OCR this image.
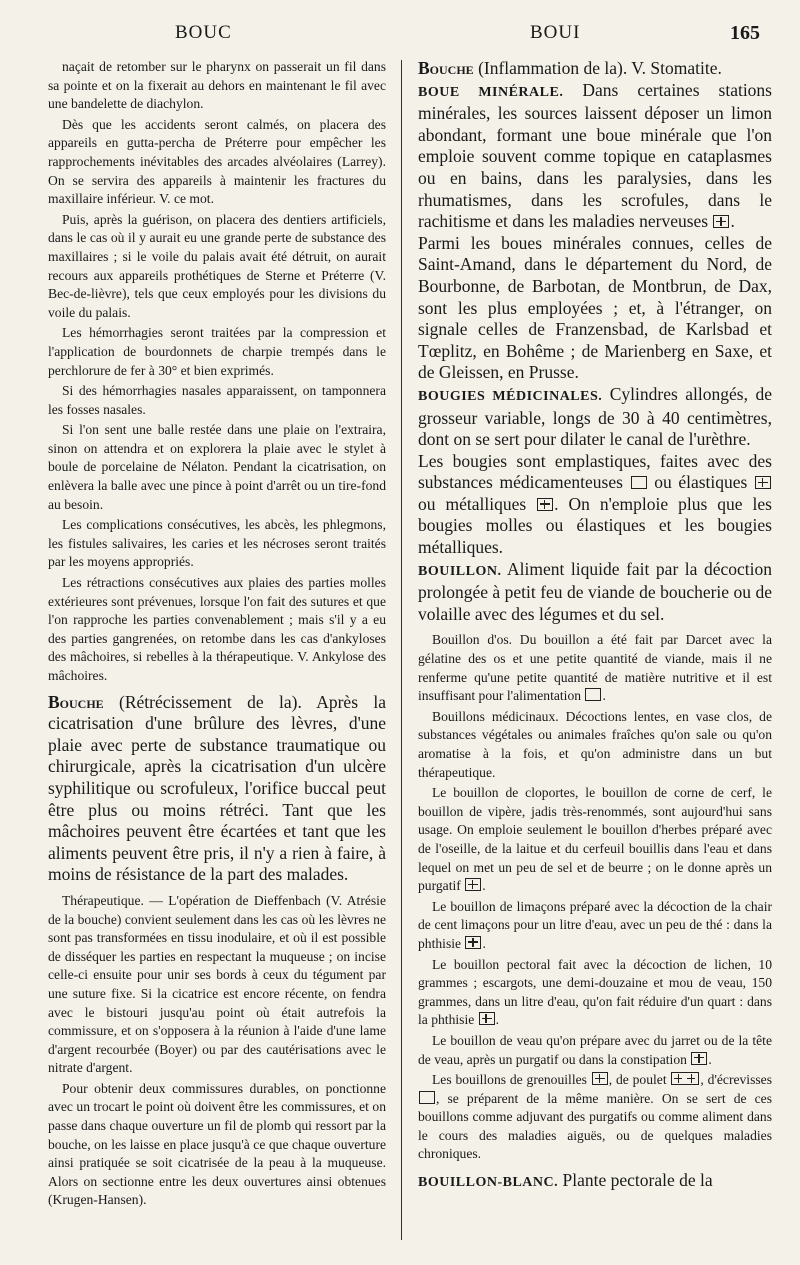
BOUC	BOUI	165

naçait de retomber sur le pharynx on passerait un fil dans sa pointe et on la fixerait au dehors en maintenant le fil avec une bandelette de diachylon.

Dès que les accidents seront calmés, on placera des appareils en gutta-percha de Préterre pour empêcher les rapprochements inévitables des arcades alvéolaires (Larrey). On se servira des appareils à maintenir les fractures du maxillaire inférieur. V. ce mot.

Puis, après la guérison, on placera des dentiers artificiels, dans le cas où il y aurait eu une grande perte de substance des maxillaires ; si le voile du palais avait été détruit, on aurait recours aux appareils prothétiques de Sterne et Préterre (V. Bec-de-lièvre), tels que ceux employés pour les divisions du voile du palais.

Les hémorrhagies seront traitées par la compression et l'application de bourdonnets de charpie trempés dans le perchlorure de fer à 30° et bien exprimés.

Si des hémorrhagies nasales apparaissent, on tamponnera les fosses nasales.

Si l'on sent une balle restée dans une plaie on l'extraira, sinon on attendra et on explorera la plaie avec le stylet à boule de porcelaine de Nélaton. Pendant la cicatrisation, on enlèvera la balle avec une pince à point d'arrêt ou un tire-fond au besoin.

Les complications consécutives, les abcès, les phlegmons, les fistules salivaires, les caries et les nécroses seront traités par les moyens appropriés.

Les rétractions consécutives aux plaies des parties molles extérieures sont prévenues, lorsque l'on fait des sutures et que l'on rapproche les parties convenablement ; mais s'il y a eu des parties gangrenées, on retombe dans les cas d'ankyloses des mâchoires, si rebelles à la thérapeutique. V. Ankylose des mâchoires.

Bouche (Rétrécissement de la). Après la cicatrisation d'une brûlure des lèvres, d'une plaie avec perte de substance traumatique ou chirurgicale, après la cicatrisation d'un ulcère syphilitique ou scrofuleux, l'orifice buccal peut être plus ou moins rétréci. Tant que les mâchoires peuvent être écartées et tant que les aliments peuvent être pris, il n'y a rien à faire, à moins de résistance de la part des malades.

Thérapeutique. — L'opération de Dieffenbach (V. Atrésie de la bouche) convient seulement dans les cas où les lèvres ne sont pas transformées en tissu inodulaire, et où il est possible de disséquer les parties en respectant la muqueuse ; on incise celle-ci ensuite pour unir ses bords à ceux du tégument par une suture fixe. Si la cicatrice est encore récente, on fendra avec le bistouri jusqu'au point où était autrefois la commissure, et on s'opposera à la réunion à l'aide d'une lame d'argent recourbée (Boyer) ou par des cautérisations avec le nitrate d'argent.

Pour obtenir deux commissures durables, on ponctionne avec un trocart le point où doivent être les commissures, et on passe dans chaque ouverture un fil de plomb qui ressort par la bouche, on les laisse en place jusqu'à ce que chaque ouverture ainsi pratiquée se soit cicatrisée de la peau à la muqueuse. Alors on sectionne entre les deux ouvertures ainsi obtenues (Krugen-Hansen).

Bouche (Inflammation de la). V. Stomatite.

BOUE MINÉRALE. Dans certaines stations minérales, les sources laissent déposer un limon abondant, formant une boue minérale que l'on emploie souvent comme topique en cataplasmes ou en bains, dans les paralysies, dans les rhumatismes, dans les scrofules, dans le rachitisme et dans les maladies nerveuses .

Parmi les boues minérales connues, celles de Saint-Amand, dans le département du Nord, de Bourbonne, de Barbotan, de Montbrun, de Dax, sont les plus employées ; et, à l'étranger, on signale celles de Franzensbad, de Karlsbad et Tœplitz, en Bohême ; de Marienberg en Saxe, et de Gleissen, en Prusse.

BOUGIES MÉDICINALES. Cylindres allongés, de grosseur variable, longs de 30 à 40 centimètres, dont on se sert pour dilater le canal de l'urèthre.

Les bougies sont emplastiques, faites avec des substances médicamenteuses  ou élastiques  ou métalliques . On n'emploie plus que les bougies molles ou élastiques et les bougies métalliques.

BOUILLON. Aliment liquide fait par la décoction prolongée à petit feu de viande de boucherie ou de volaille avec des légumes et du sel.

Bouillon d'os. Du bouillon a été fait par Darcet avec la gélatine des os et une petite quantité de viande, mais il ne renferme qu'une petite quantité de matière nutritive et il est insuffisant pour l'alimentation .

Bouillons médicinaux. Décoctions lentes, en vase clos, de substances végétales ou animales fraîches qu'on sale ou qu'on aromatise à la fois, et qu'on administre dans un but thérapeutique.

Le bouillon de cloportes, le bouillon de corne de cerf, le bouillon de vipère, jadis très-renommés, sont aujourd'hui sans usage. On emploie seulement le bouillon d'herbes préparé avec de l'oseille, de la laitue et du cerfeuil bouillis dans l'eau et dans lequel on met un peu de sel et de beurre ; on le donne après un purgatif .

Le bouillon de limaçons préparé avec la décoction de la chair de cent limaçons pour un litre d'eau, avec un peu de thé : dans la phthisie .

Le bouillon pectoral fait avec la décoction de lichen, 10 grammes ; escargots, une demi-douzaine et mou de veau, 150 grammes, dans un litre d'eau, qu'on fait réduire d'un quart : dans la phthisie .

Le bouillon de veau qu'on prépare avec du jarret ou de la tête de veau, après un purgatif ou dans la constipation .

Les bouillons de grenouilles , de poulet , d'écrevisses , se préparent de la même manière. On se sert de ces bouillons comme adjuvant des purgatifs ou comme aliment dans le cours des maladies aiguës, ou de quelques maladies chroniques.

BOUILLON-BLANC. Plante pectorale de la
